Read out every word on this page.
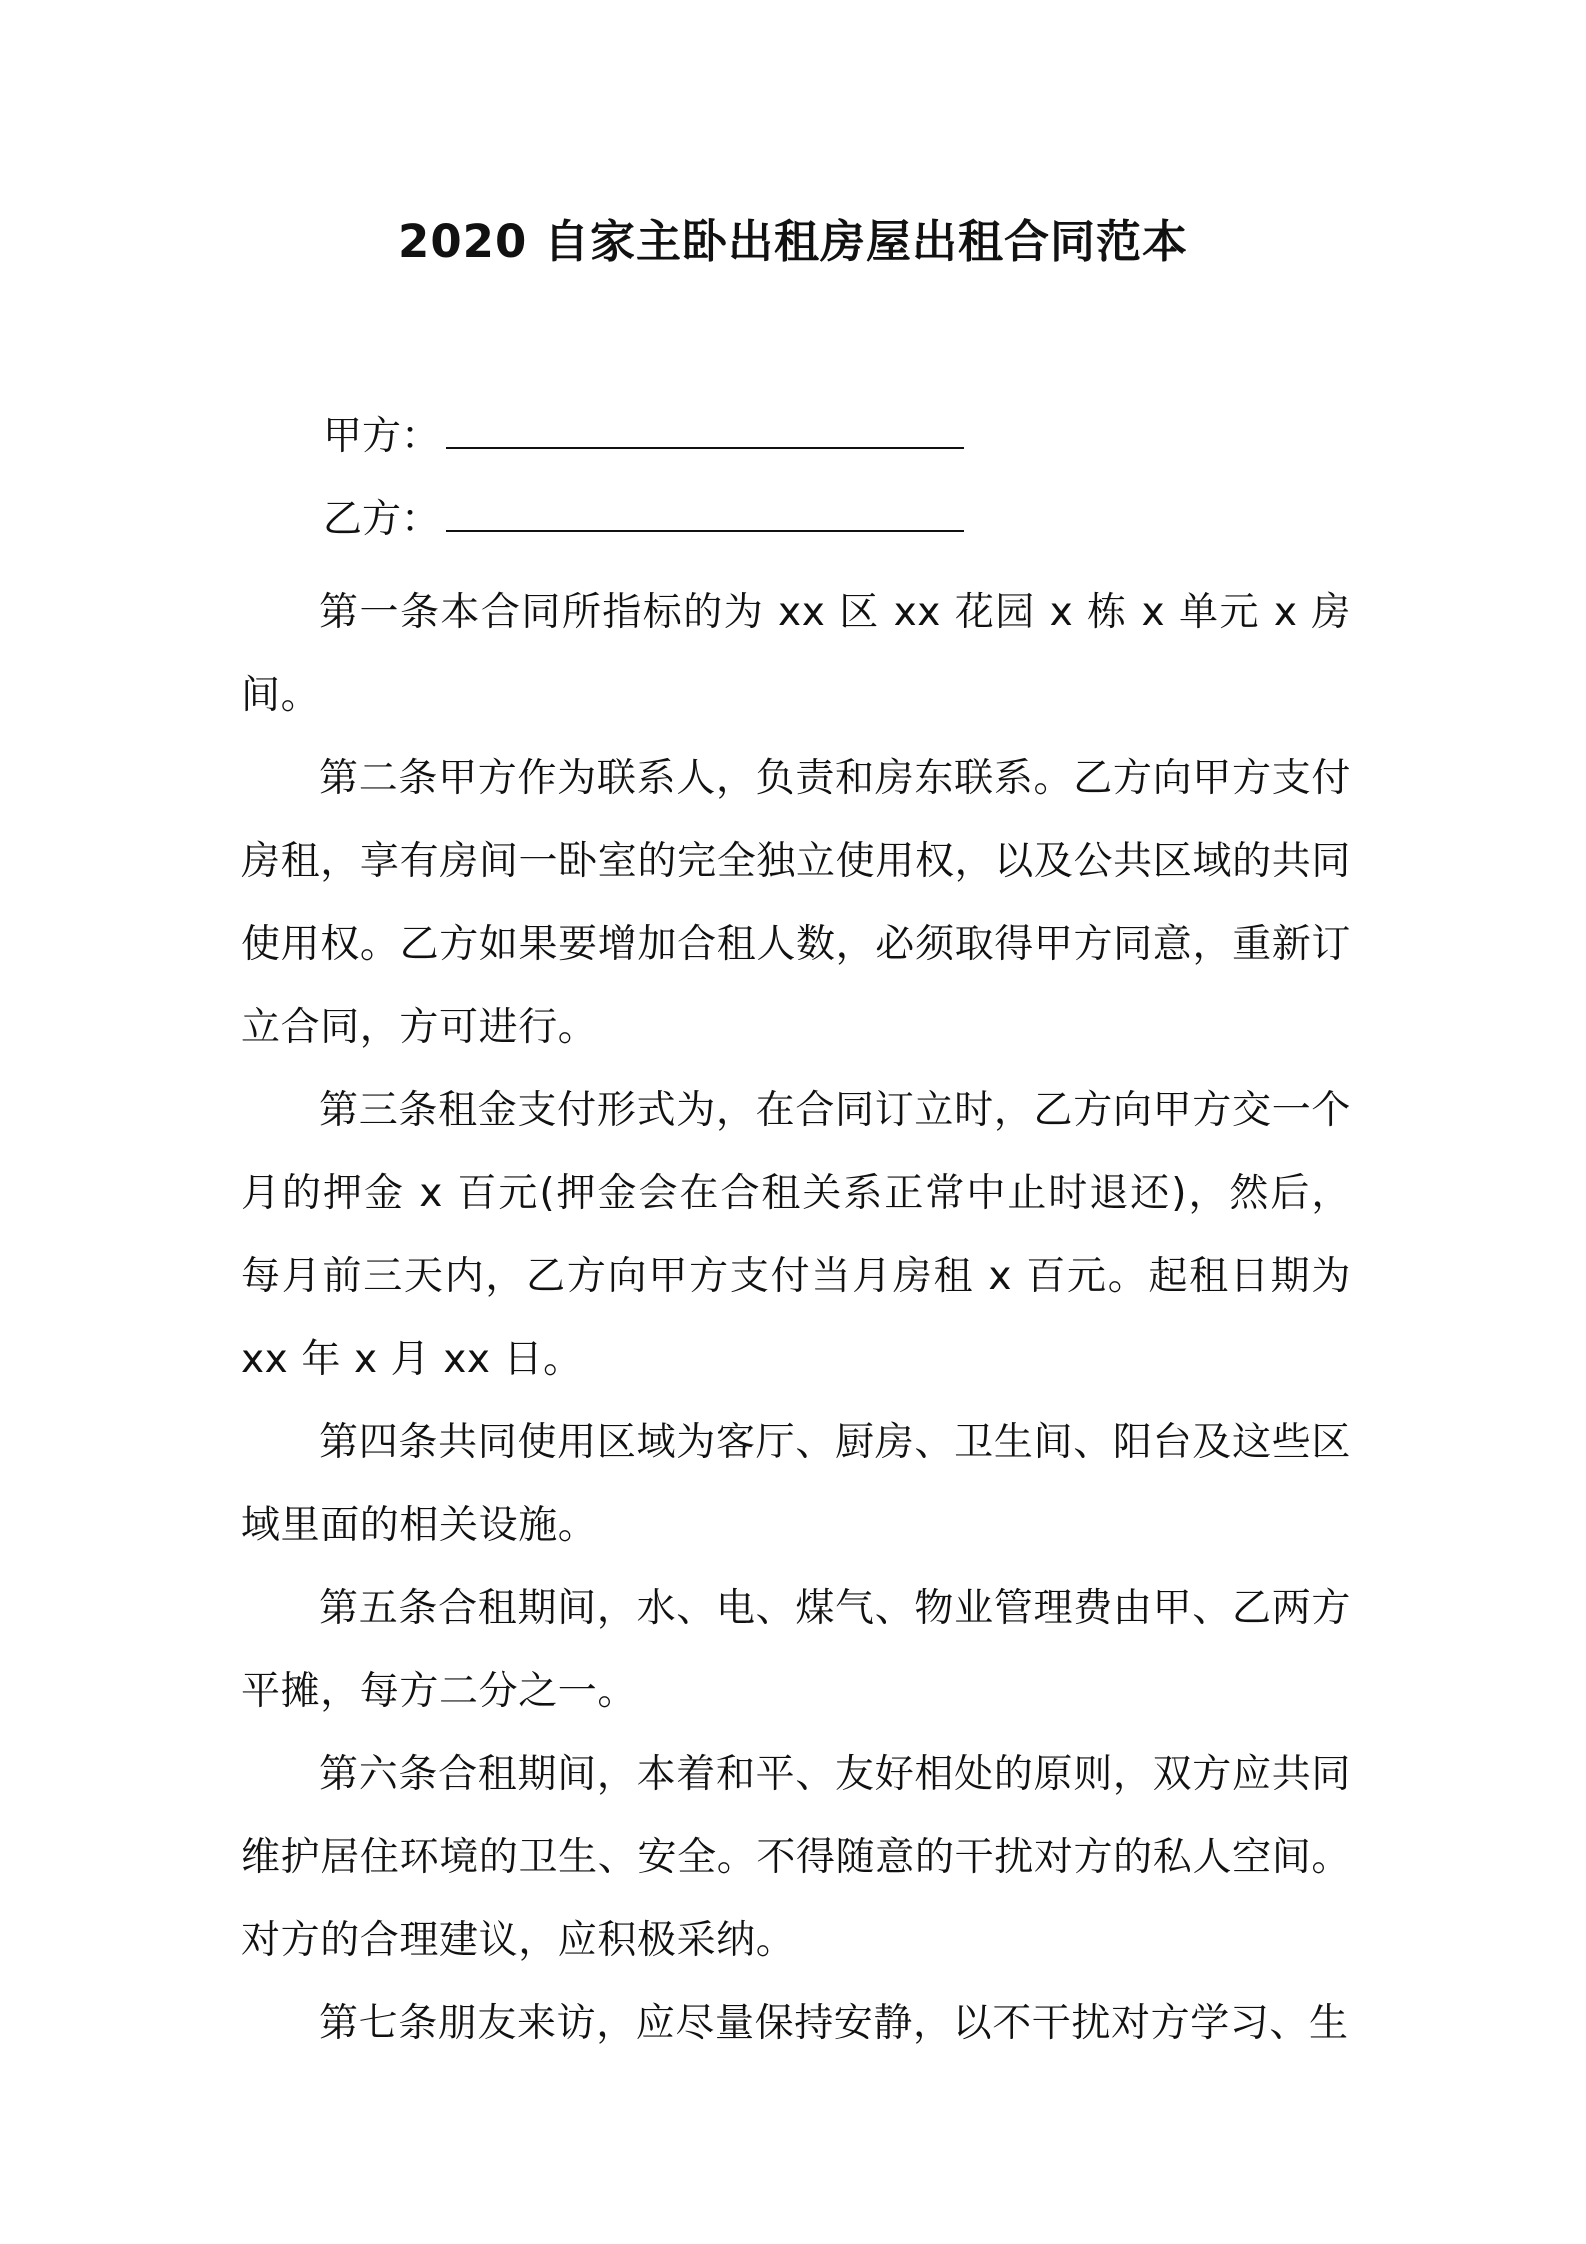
2020 自家主卧出租房屋出租合同范本

甲方：

乙方：

第一条本合同所指标的为 xx 区 xx 花园 x 栋 x 单元 x 房间。

第二条甲方作为联系人，负责和房东联系。乙方向甲方支付房租，享有房间一卧室的完全独立使用权，以及公共区域的共同使用权。乙方如果要增加合租人数，必须取得甲方同意，重新订立合同，方可进行。

第三条租金支付形式为，在合同订立时，乙方向甲方交一个月的押金 x 百元(押金会在合租关系正常中止时退还)，然后，每月前三天内，乙方向甲方支付当月房租 x 百元。起租日期为 xx 年 x 月 xx 日。

第四条共同使用区域为客厅、厨房、卫生间、阳台及这些区域里面的相关设施。

第五条合租期间，水、电、煤气、物业管理费由甲、乙两方平摊，每方二分之一。

第六条合租期间，本着和平、友好相处的原则，双方应共同维护居住环境的卫生、安全。不得随意的干扰对方的私人空间。对方的合理建议，应积极采纳。

第七条朋友来访，应尽量保持安静，以不干扰对方学习、生
